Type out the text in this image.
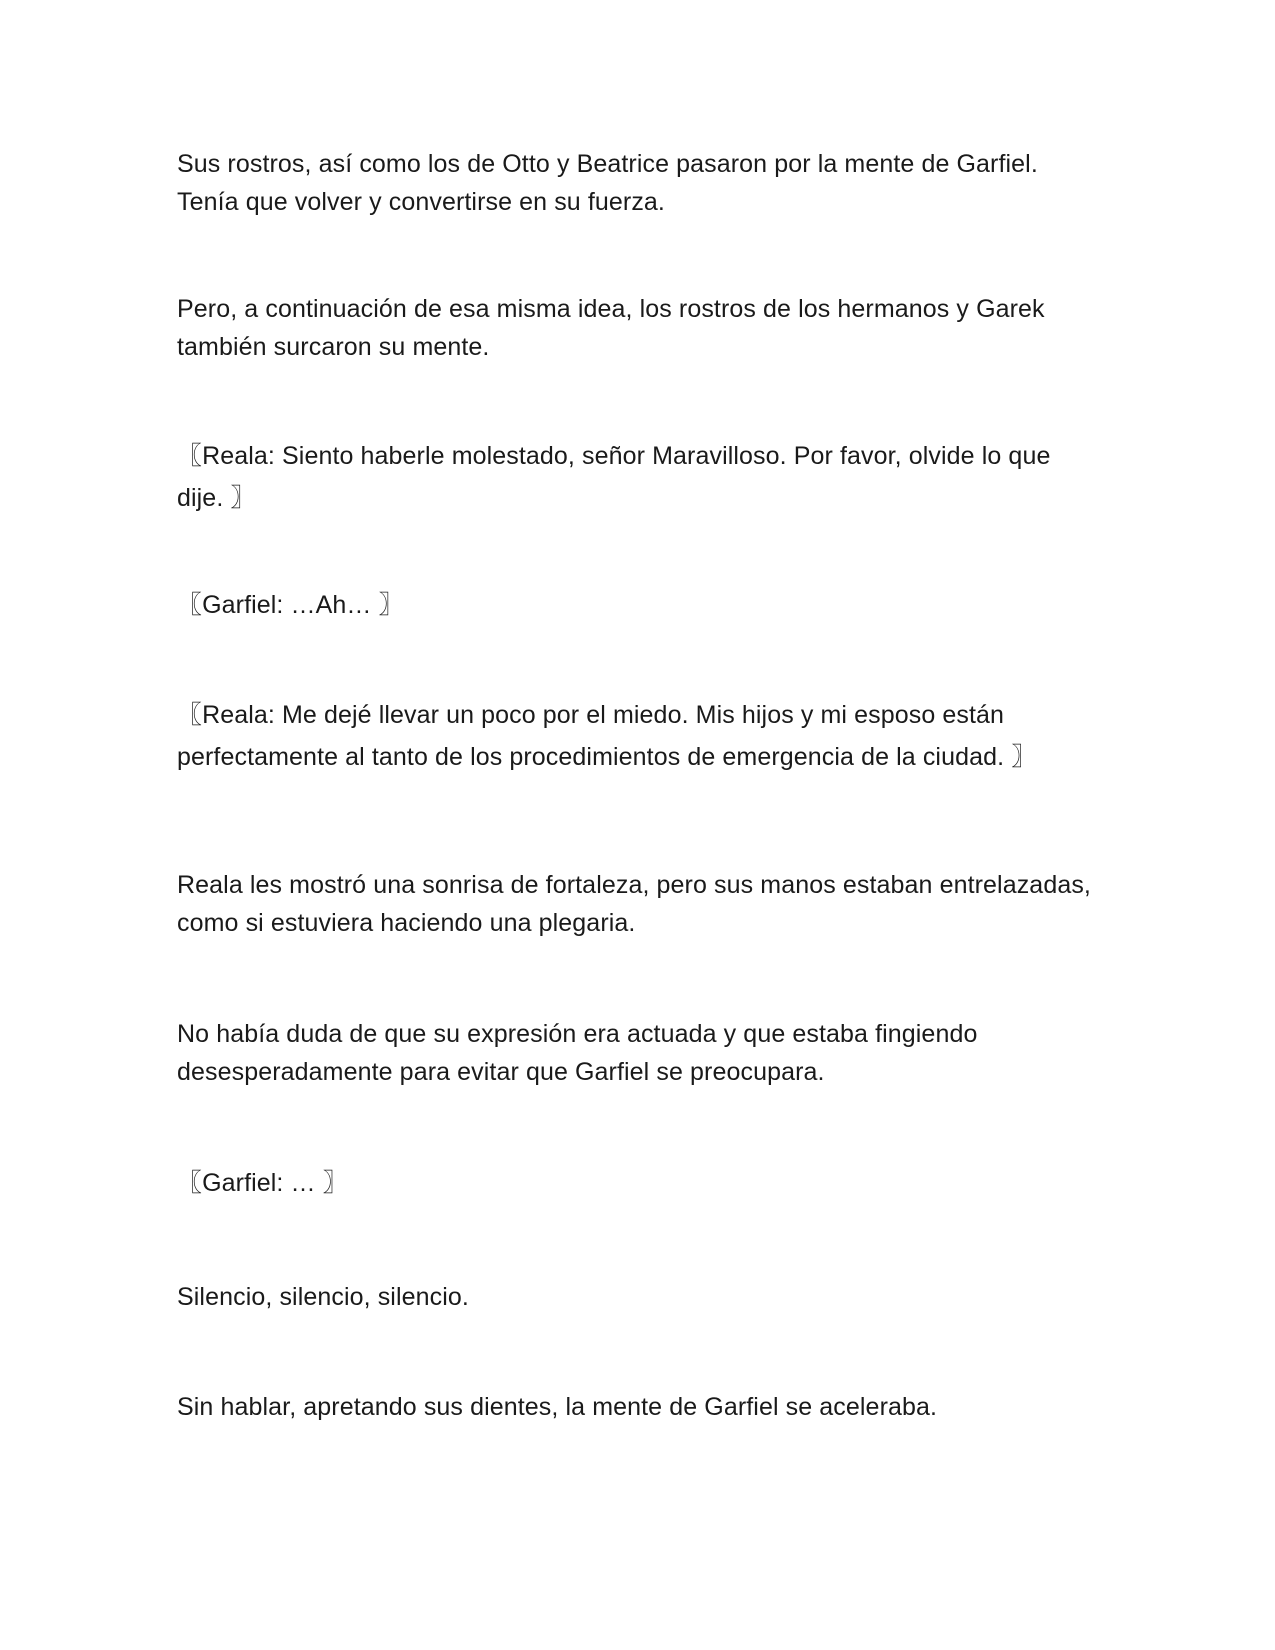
Sus rostros, así como los de Otto y Beatrice pasaron por la mente de Garfiel. Tenía que volver y convertirse en su fuerza.

Pero, a continuación de esa misma idea, los rostros de los hermanos y Garek también surcaron su mente.

〖Reala: Siento haberle molestado, señor Maravilloso. Por favor, olvide lo que dije. 〗

〖Garfiel: …Ah… 〗

〖Reala: Me dejé llevar un poco por el miedo. Mis hijos y mi esposo están perfectamente al tanto de los procedimientos de emergencia de la ciudad. 〗

Reala les mostró una sonrisa de fortaleza, pero sus manos estaban entrelazadas, como si estuviera haciendo una plegaria.

No había duda de que su expresión era actuada y que estaba fingiendo desesperadamente para evitar que Garfiel se preocupara.

〖Garfiel: … 〗

Silencio, silencio, silencio.

Sin hablar, apretando sus dientes, la mente de Garfiel se aceleraba.
